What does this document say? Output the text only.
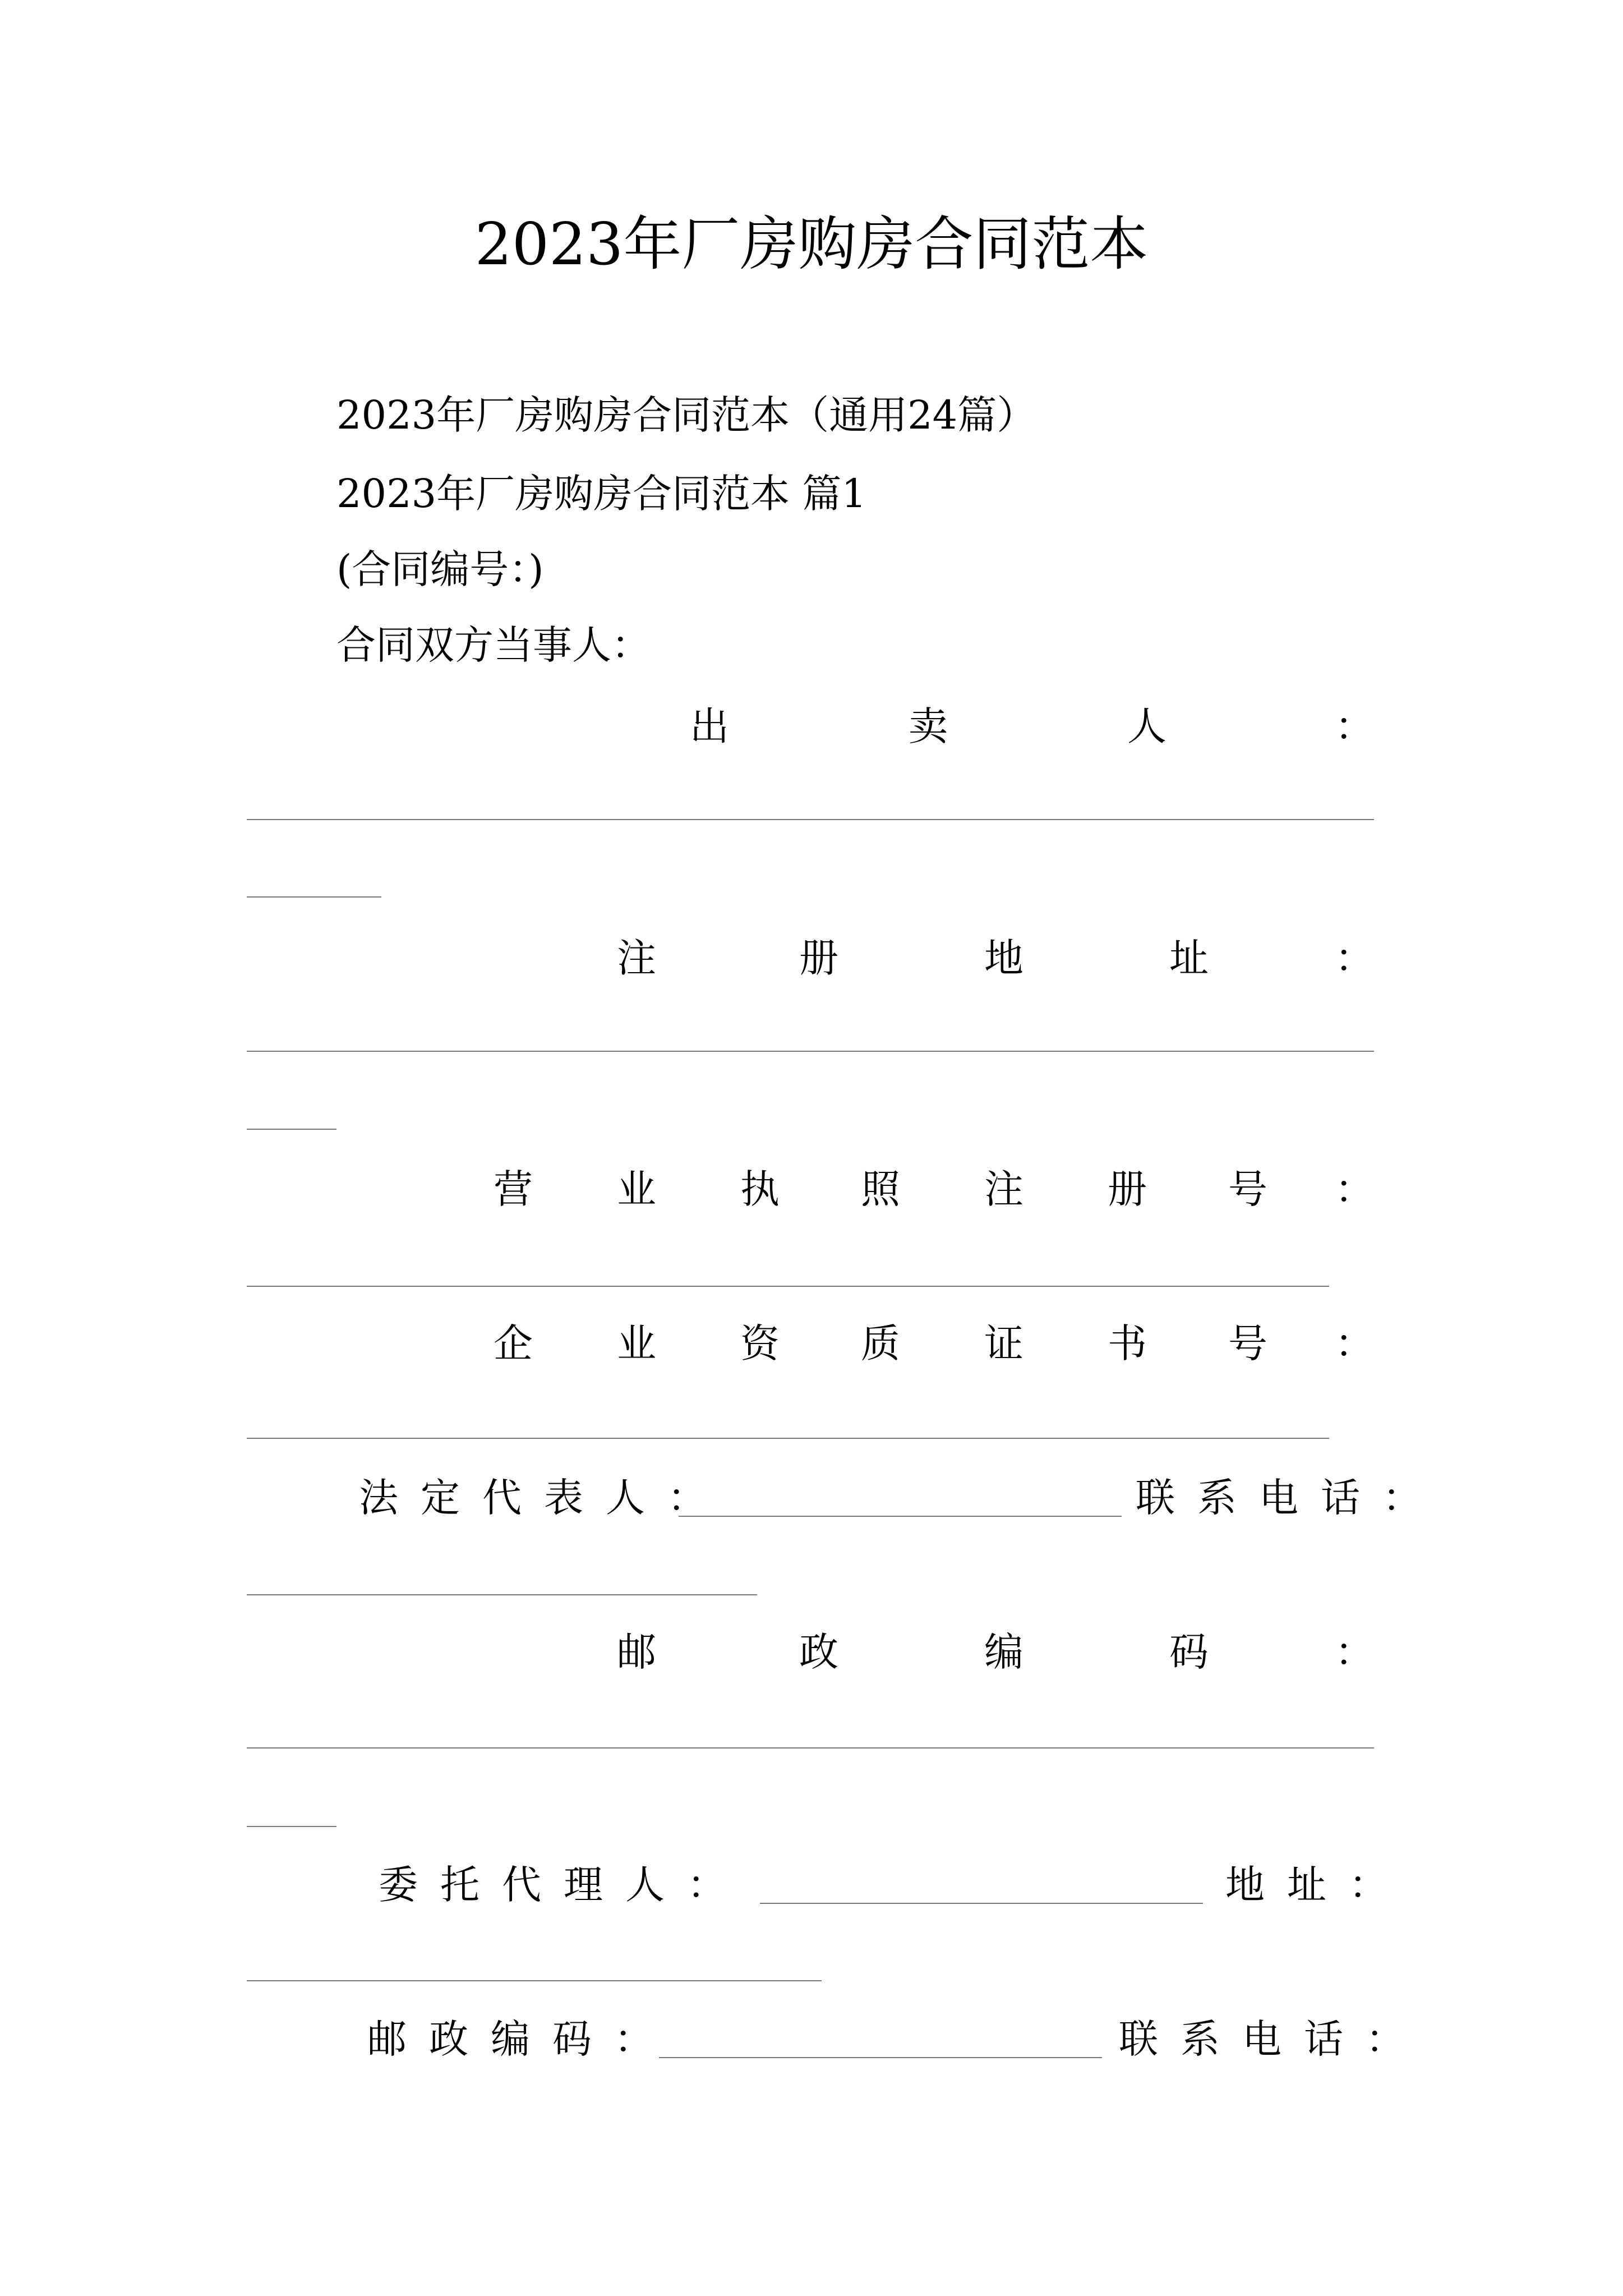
2023年厂房购房合同范本
2023年厂房购房合同范本（通用24篇）
2023年厂房购房合同范本 篇1
(合同编号：)
合同双方当事人：
出	卖	人	：
注	册	地	址	：
营 业 执 照 注 册 号 ：
企 业 资 质 证 书 号 ：
法定代表人：	联系电话：
邮	政	编	码	：
委托代理人：	地址：
邮政编码：	联系电话：
